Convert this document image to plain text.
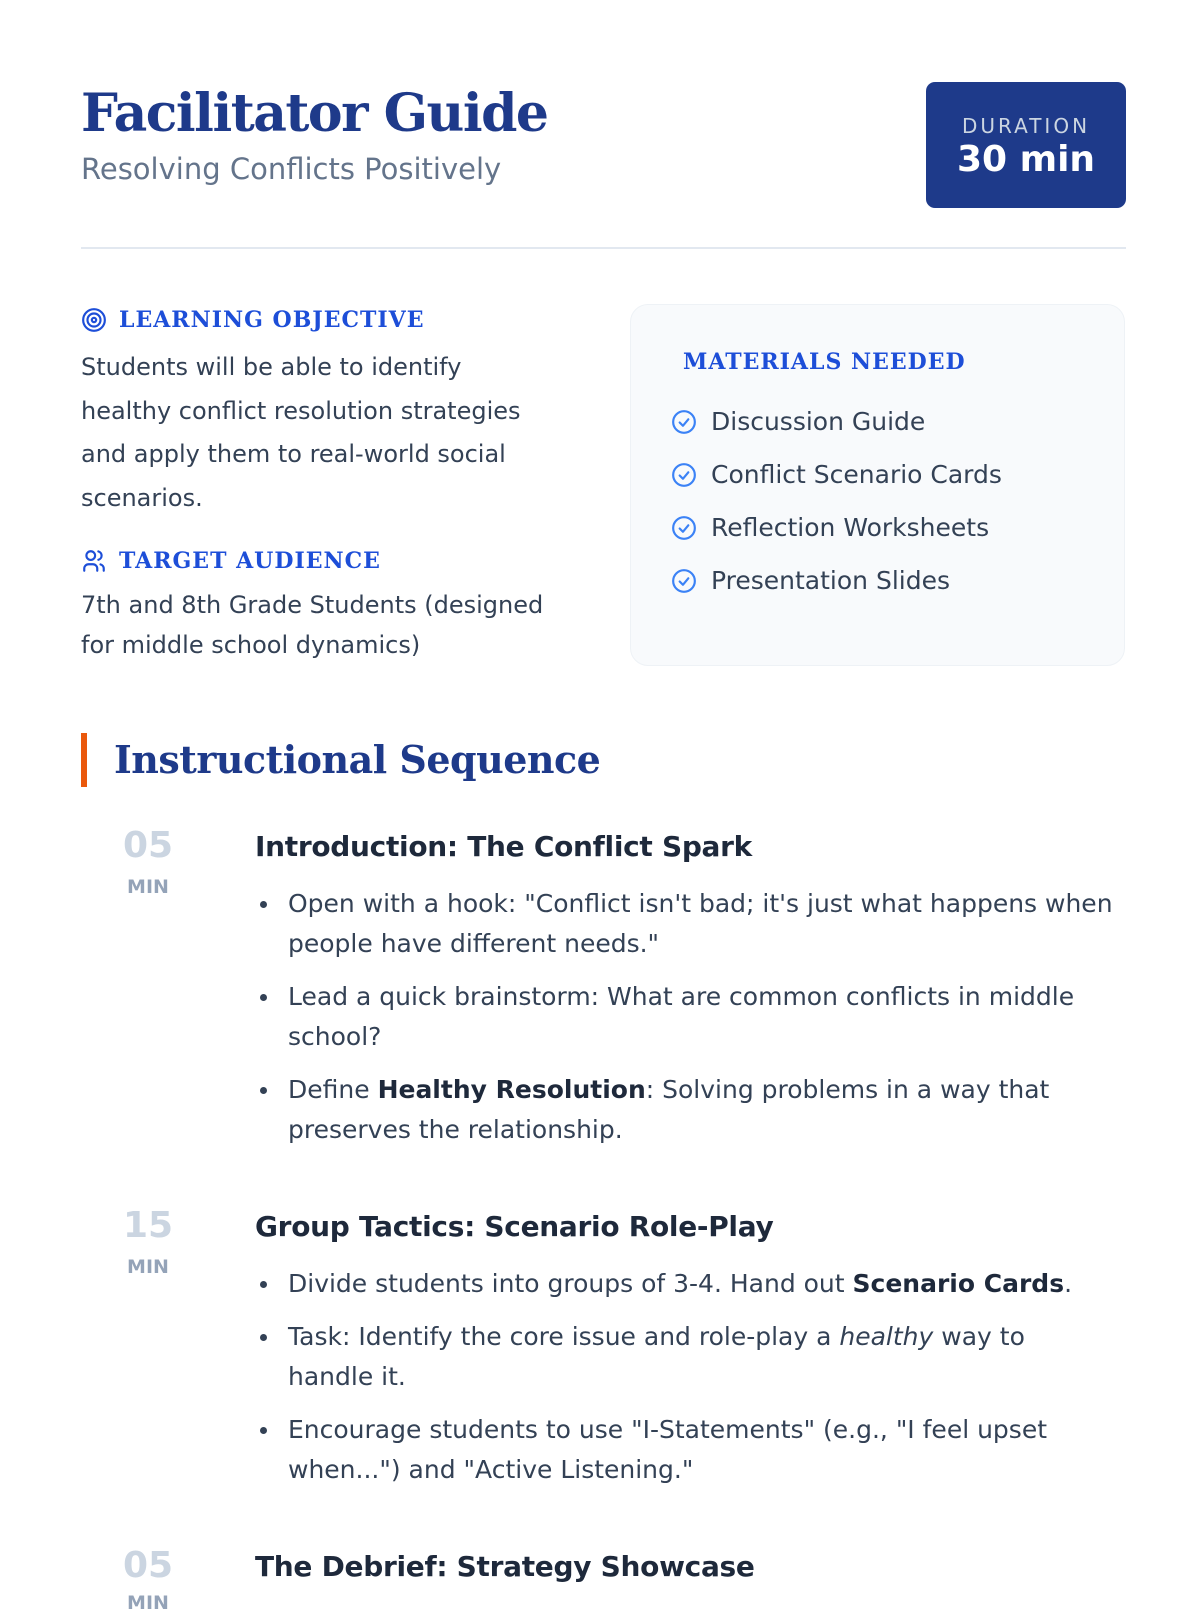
Facilitator Guide
Resolving Conflicts Positively
DURATION
30 min
LEARNING OBJECTIVE
Students will be able to identify
healthy conflict resolution strategies
and apply them to real-world social
scenarios.
TARGET AUDIENCE
7th and 8th Grade Students (designed
for middle school dynamics)
MATERIALS NEEDED
Discussion Guide
Conflict Scenario Cards
Reflection Worksheets
Presentation Slides
Instructional Sequence
05
MIN
Introduction: The Conflict Spark
Open with a hook: "Conflict isn't bad; it's just what happens when
people have different needs."
Lead a quick brainstorm: What are common conflicts in middle
school?
Define Healthy Resolution: Solving problems in a way that
preserves the relationship.
15
MIN
Group Tactics: Scenario Role-Play
Divide students into groups of 3-4. Hand out Scenario Cards.
Task: Identify the core issue and role-play a healthy way to
handle it.
Encourage students to use "I-Statements" (e.g., "I feel upset
when...") and "Active Listening."
05
MIN
The Debrief: Strategy Showcase
